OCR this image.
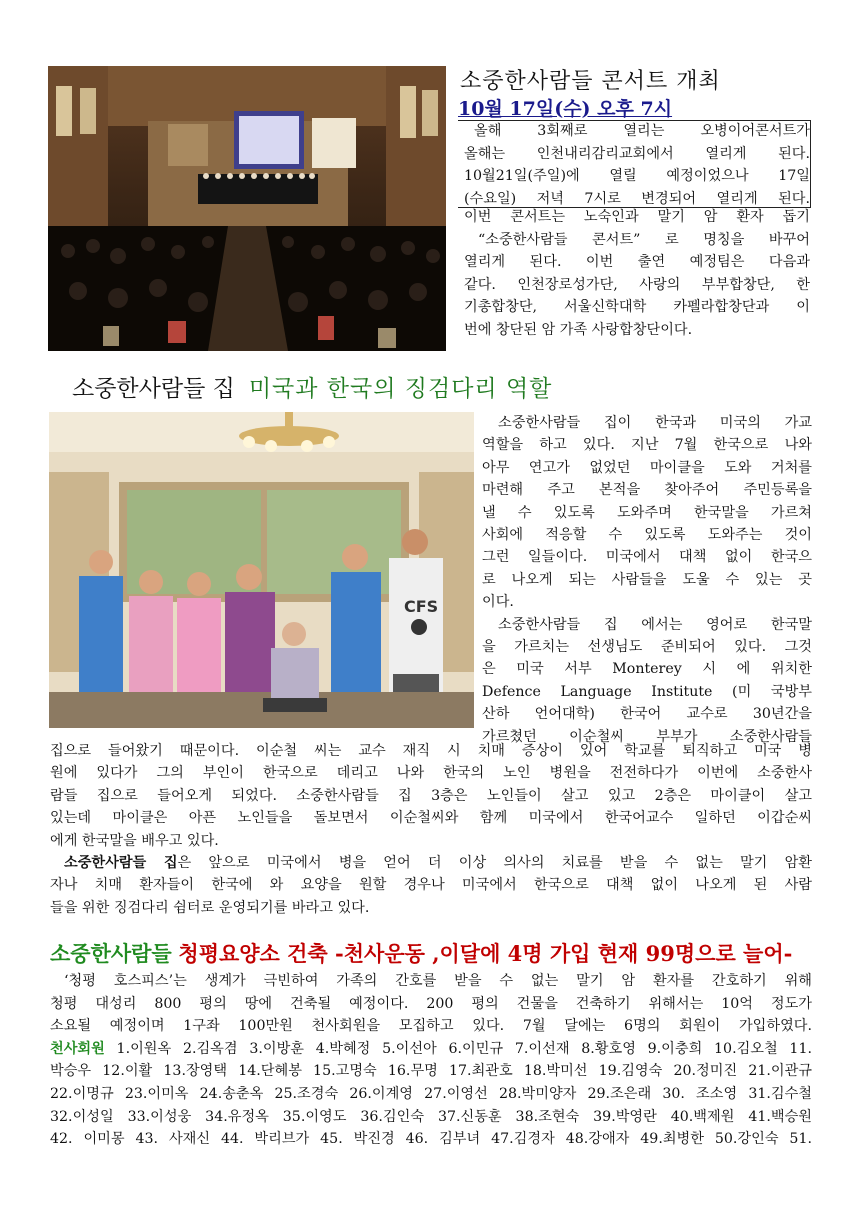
소중한사람들 콘서트 개최
10월 17일(수) 오후 7시
올해 3회째로 열리는 오병이어콘서트가
올해는 인천내리감리교회에서 열리게 된다.
10월21일(주일)에 열릴 예정이었으나 17일
(수요일) 저녁 7시로 변경되어 열리게 된다.
이번 콘서트는 노숙인과 말기 암 환자 돕기
“소중한사람들 콘서트” 로 명칭을 바꾸어
열리게 된다. 이번 출연 예정팀은 다음과
같다. 인천장로성가단, 사랑의 부부합창단, 한
기총합창단, 서울신학대학 카펠라합창단과 이
번에 창단된 암 가족 사랑합창단이다.
소중한사람들 집 미국과 한국의 징검다리 역할
CFS
소중한사람들 집이 한국과 미국의 가교
역할을 하고 있다. 지난 7월 한국으로 나와
아무 연고가 없었던 마이클을 도와 거처를
마련해 주고 본적을 찾아주어 주민등록을
낼 수 있도록 도와주며 한국말을 가르쳐
사회에 적응할 수 있도록 도와주는 것이
그런 일들이다. 미국에서 대책 없이 한국으
로 나오게 되는 사람들을 도울 수 있는 곳
이다.
소중한사람들 집 에서는 영어로 한국말
을 가르치는 선생님도 준비되어 있다. 그것
은 미국 서부 Monterey 시 에 위치한
Defence Language Institute (미 국방부
산하 언어대학) 한국어 교수로 30년간을
가르쳤던 이순철씨 부부가 소중한사람들
집으로 들어왔기 때문이다. 이순철 씨는 교수 재직 시 치매 증상이 있어 학교를 퇴직하고 미국 병
원에 있다가 그의 부인이 한국으로 데리고 나와 한국의 노인 병원을 전전하다가 이번에 소중한사
람들 집으로 들어오게 되었다. 소중한사람들 집 3층은 노인들이 살고 있고 2층은 마이클이 살고
있는데 마이클은 아픈 노인들을 돌보면서 이순철씨와 함께 미국에서 한국어교수 일하던 이갑순씨
에게 한국말을 배우고 있다.
소중한사람들 집은 앞으로 미국에서 병을 얻어 더 이상 의사의 치료를 받을 수 없는 말기 암환
자나 치매 환자들이 한국에 와 요양을 원할 경우나 미국에서 한국으로 대책 없이 나오게 된 사람
들을 위한 징검다리 쉼터로 운영되기를 바라고 있다.
소중한사람들 청평요양소 건축 -천사운동 ,이달에 4명 가입 현재 99명으로 늘어-
‘청평 호스피스’는 생계가 극빈하여 가족의 간호를 받을 수 없는 말기 암 환자를 간호하기 위해
청평 대성리 800 평의 땅에 건축될 예정이다. 200 평의 건물을 건축하기 위해서는 10억 정도가
소요될 예정이며 1구좌 100만원 천사회원을 모집하고 있다. 7월 달에는 6명의 회원이 가입하였다.
천사회원 1.이원옥 2.김옥겸 3.이방훈 4.박혜정 5.이선아 6.이민규 7.이선재 8.황호영 9.이충희 10.김오철 11.
박승우 12.이활 13.장영택 14.단혜봉 15.고명숙 16.무명 17.최관호 18.박미선 19.김영숙 20.정미진 21.이관규
22.이명규 23.이미옥 24.송춘옥 25.조경숙 26.이계영 27.이영선 28.박미양자 29.조은래 30. 조소영 31.김수철
32.이성일 33.이성웅 34.유정옥 35.이영도 36.김인숙 37.신동훈 38.조현숙 39.박영란 40.백제원 41.백승원
42. 이미몽 43. 사재신 44. 박리브가 45. 박진경 46. 김부녀 47.김경자 48.강애자 49.최병한 50.강인숙 51.
